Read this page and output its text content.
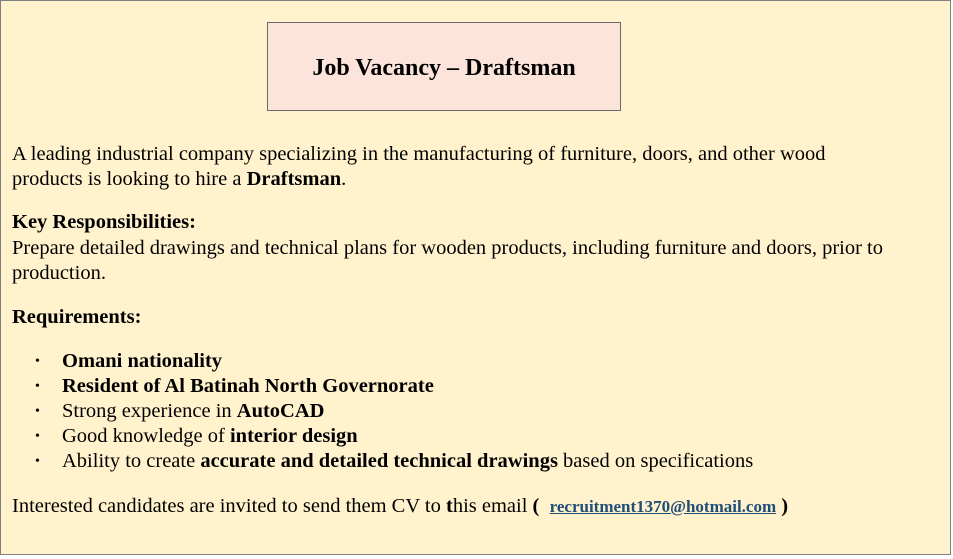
Job Vacancy – Draftsman
A leading industrial company specializing in the manufacturing of furniture, doors, and other wood
products is looking to hire a Draftsman.
Key Responsibilities:
Prepare detailed drawings and technical plans for wooden products, including furniture and doors, prior to
production.
Requirements:
• Omani nationality
• Resident of Al Batinah North Governorate
• Strong experience in AutoCAD
• Good knowledge of interior design
• Ability to create accurate and detailed technical drawings based on specifications
Interested candidates are invited to send them CV to this email ( recruitment1370@hotmail.com )
